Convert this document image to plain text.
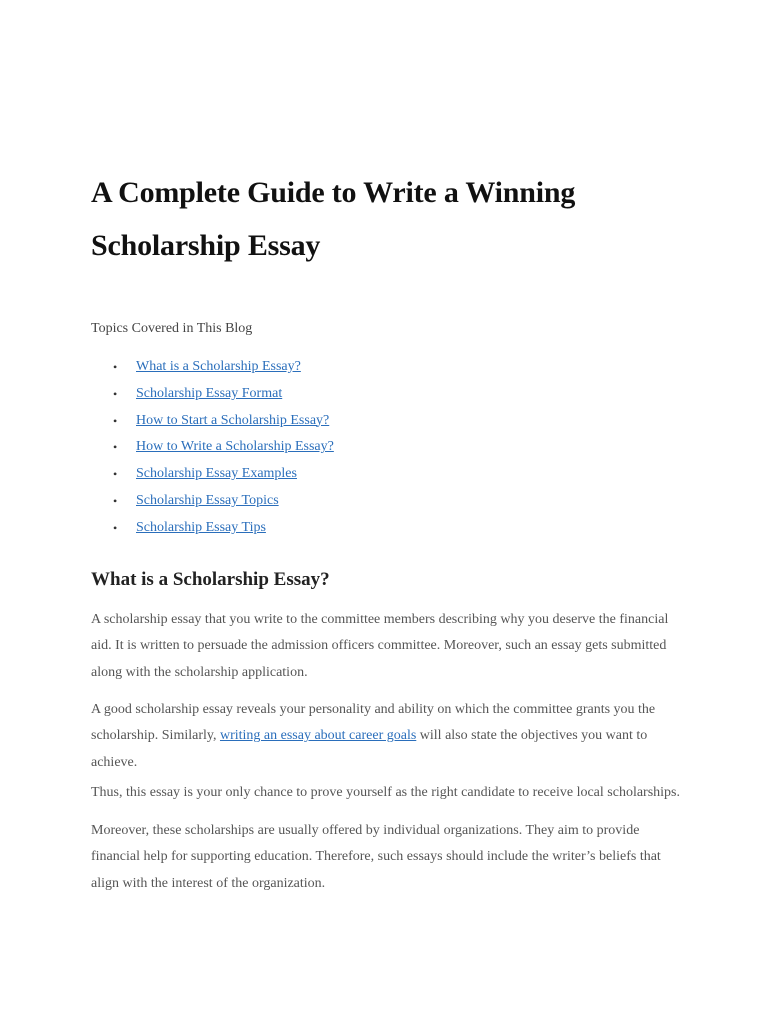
A Complete Guide to Write a Winning
Scholarship Essay

Topics Covered in This Blog

• What is a Scholarship Essay?
• Scholarship Essay Format
• How to Start a Scholarship Essay?
• How to Write a Scholarship Essay?
• Scholarship Essay Examples
• Scholarship Essay Topics
• Scholarship Essay Tips
What is a Scholarship Essay?

A scholarship essay that you write to the committee members describing why you deserve the financial aid. It is written to persuade the admission officers committee. Moreover, such an essay gets submitted along with the scholarship application.

A good scholarship essay reveals your personality and ability on which the committee grants you the scholarship. Similarly, writing an essay about career goals will also state the objectives you want to achieve.

Thus, this essay is your only chance to prove yourself as the right candidate to receive local scholarships.

Moreover, these scholarships are usually offered by individual organizations. They aim to provide financial help for supporting education. Therefore, such essays should include the writer’s beliefs that align with the interest of the organization.
